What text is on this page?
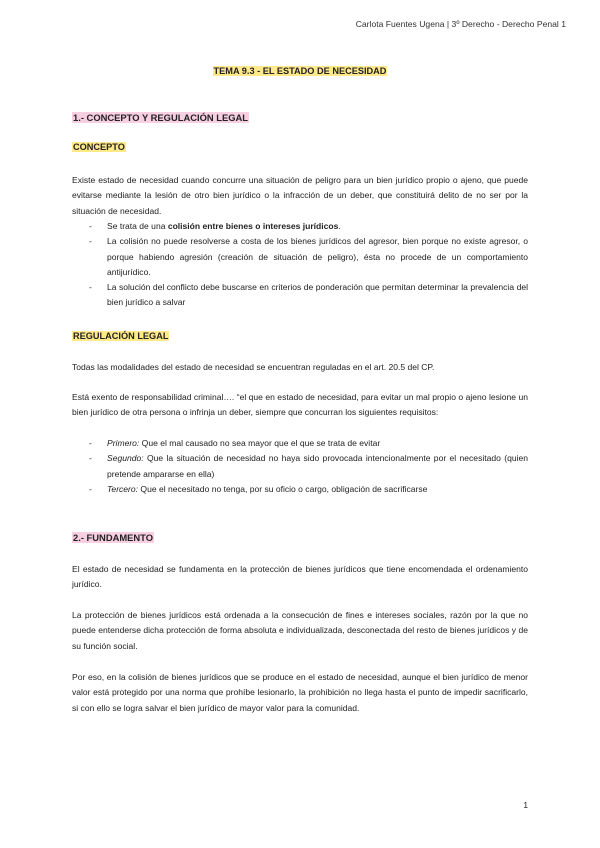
Carlota Fuentes Ugena | 3º Derecho - Derecho Penal 1
TEMA 9.3 - EL ESTADO DE NECESIDAD
1.- CONCEPTO Y REGULACIÓN LEGAL
CONCEPTO
Existe estado de necesidad cuando concurre una situación de peligro para un bien jurídico propio o ajeno, que puede evitarse mediante la lesión de otro bien jurídico o la infracción de un deber, que constituirá delito de no ser por la situación de necesidad.
- Se trata de una colisión entre bienes o intereses jurídicos.
- La colisión no puede resolverse a costa de los bienes jurídicos del agresor, bien porque no existe agresor, o porque habiendo agresión (creación de situación de peligro), ésta no procede de un comportamiento antijurídico.
- La solución del conflicto debe buscarse en criterios de ponderación que permitan determinar la prevalencia del bien jurídico a salvar
REGULACIÓN LEGAL
Todas las modalidades del estado de necesidad se encuentran reguladas en el art. 20.5 del CP.
Está exento de responsabilidad criminal…. “el que en estado de necesidad, para evitar un mal propio o ajeno lesione un bien jurídico de otra persona o infrinja un deber, siempre que concurran los siguientes requisitos:
- Primero: Que el mal causado no sea mayor que el que se trata de evitar
- Segundo: Que la situación de necesidad no haya sido provocada intencionalmente por el necesitado (quien pretende ampararse en ella)
- Tercero: Que el necesitado no tenga, por su oficio o cargo, obligación de sacrificarse
2.- FUNDAMENTO
El estado de necesidad se fundamenta en la protección de bienes jurídicos que tiene encomendada el ordenamiento jurídico.
La protección de bienes jurídicos está ordenada a la consecución de fines e intereses sociales, razón por la que no puede entenderse dicha protección de forma absoluta e individualizada, desconectada del resto de bienes jurídicos y de su función social.
Por eso, en la colisión de bienes jurídicos que se produce en el estado de necesidad, aunque el bien jurídico de menor valor está protegido por una norma que prohíbe lesionarlo, la prohibición no llega hasta el punto de impedir sacrificarlo, si con ello se logra salvar el bien jurídico de mayor valor para la comunidad.
1
